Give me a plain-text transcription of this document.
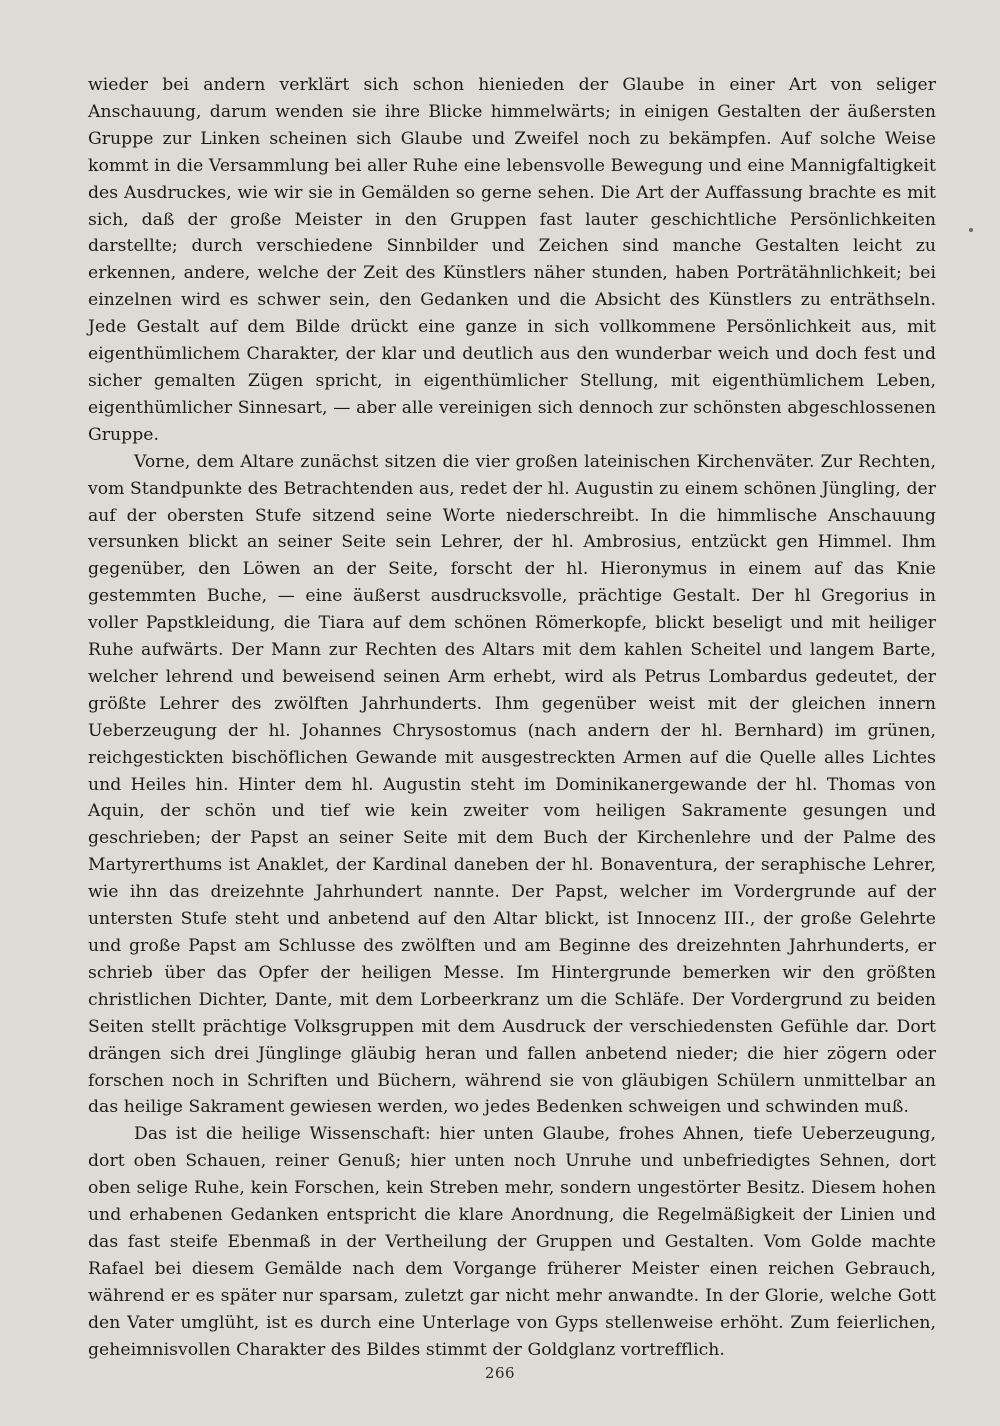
wieder bei andern verklärt sich schon hienieden der Glaube in einer Art von seliger Anschauung, darum wenden sie ihre Blicke himmelwärts; in einigen Gestalten der äußersten Gruppe zur Linken scheinen sich Glaube und Zweifel noch zu bekämpfen. Auf solche Weise kommt in die Versammlung bei aller Ruhe eine lebensvolle Bewegung und eine Mannigfaltigkeit des Ausdruckes, wie wir sie in Gemälden so gerne sehen. Die Art der Auffassung brachte es mit sich, daß der große Meister in den Gruppen fast lauter geschichtliche Persönlichkeiten darstellte; durch verschiedene Sinnbilder und Zeichen sind manche Gestalten leicht zu erkennen, andere, welche der Zeit des Künstlers näher stunden, haben Porträtähnlichkeit; bei einzelnen wird es schwer sein, den Gedanken und die Absicht des Künstlers zu enträthseln. Jede Gestalt auf dem Bilde drückt eine ganze in sich vollkommene Persönlichkeit aus, mit eigenthümlichem Charakter, der klar und deutlich aus den wunderbar weich und doch fest und sicher gemalten Zügen spricht, in eigenthümlicher Stellung, mit eigenthümlichem Leben, eigenthümlicher Sinnesart, — aber alle vereinigen sich dennoch zur schönsten abgeschlossenen Gruppe.

Vorne, dem Altare zunächst sitzen die vier großen lateinischen Kirchenväter. Zur Rechten, vom Standpunkte des Betrachtenden aus, redet der hl. Augustin zu einem schönen Jüngling, der auf der obersten Stufe sitzend seine Worte niederschreibt. In die himmlische Anschauung versunken blickt an seiner Seite sein Lehrer, der hl. Ambrosius, entzückt gen Himmel. Ihm gegenüber, den Löwen an der Seite, forscht der hl. Hieronymus in einem auf das Knie gestemmten Buche, — eine äußerst ausdrucksvolle, prächtige Gestalt. Der hl Gregorius in voller Papstkleidung, die Tiara auf dem schönen Römerkopfe, blickt beseligt und mit heiliger Ruhe aufwärts. Der Mann zur Rechten des Altars mit dem kahlen Scheitel und langem Barte, welcher lehrend und beweisend seinen Arm erhebt, wird als Petrus Lombardus gedeutet, der größte Lehrer des zwölften Jahrhunderts. Ihm gegenüber weist mit der gleichen innern Ueberzeugung der hl. Johannes Chrysostomus (nach andern der hl. Bernhard) im grünen, reichgestickten bischöflichen Gewande mit ausgestreckten Armen auf die Quelle alles Lichtes und Heiles hin. Hinter dem hl. Augustin steht im Dominikanergewande der hl. Thomas von Aquin, der schön und tief wie kein zweiter vom heiligen Sakramente gesungen und geschrieben; der Papst an seiner Seite mit dem Buch der Kirchenlehre und der Palme des Martyrerthums ist Anaklet, der Kardinal daneben der hl. Bonaventura, der seraphische Lehrer, wie ihn das dreizehnte Jahrhundert nannte. Der Papst, welcher im Vordergrunde auf der untersten Stufe steht und anbetend auf den Altar blickt, ist Innocenz III., der große Gelehrte und große Papst am Schlusse des zwölften und am Beginne des dreizehnten Jahrhunderts, er schrieb über das Opfer der heiligen Messe. Im Hintergrunde bemerken wir den größten christlichen Dichter, Dante, mit dem Lorbeerkranz um die Schläfe. Der Vordergrund zu beiden Seiten stellt prächtige Volksgruppen mit dem Ausdruck der verschiedensten Gefühle dar. Dort drängen sich drei Jünglinge gläubig heran und fallen anbetend nieder; die hier zögern oder forschen noch in Schriften und Büchern, während sie von gläubigen Schülern unmittelbar an das heilige Sakrament gewiesen werden, wo jedes Bedenken schweigen und schwinden muß.

Das ist die heilige Wissenschaft: hier unten Glaube, frohes Ahnen, tiefe Ueberzeugung, dort oben Schauen, reiner Genuß; hier unten noch Unruhe und unbefriedigtes Sehnen, dort oben selige Ruhe, kein Forschen, kein Streben mehr, sondern ungestörter Besitz. Diesem hohen und erhabenen Gedanken entspricht die klare Anordnung, die Regelmäßigkeit der Linien und das fast steife Ebenmaß in der Vertheilung der Gruppen und Gestalten. Vom Golde machte Rafael bei diesem Gemälde nach dem Vorgange früherer Meister einen reichen Gebrauch, während er es später nur sparsam, zuletzt gar nicht mehr anwandte. In der Glorie, welche Gott den Vater umglüht, ist es durch eine Unterlage von Gyps stellenweise erhöht. Zum feierlichen, geheimnisvollen Charakter des Bildes stimmt der Goldglanz vortrefflich.

266
